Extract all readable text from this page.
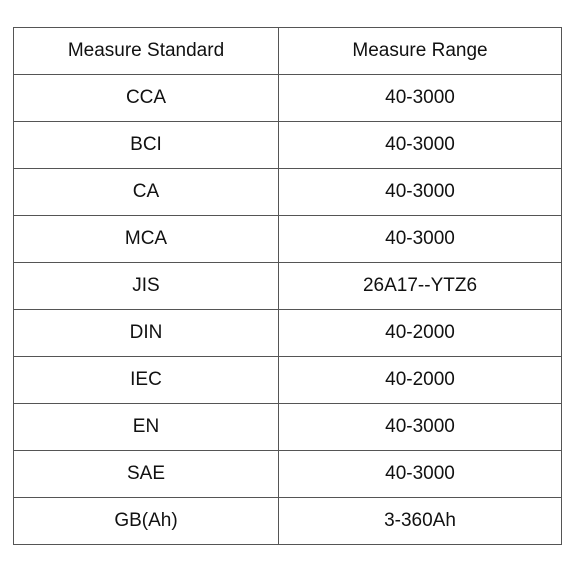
Measure Standard	Measure Range
CCA	40-3000
BCI	40-3000
CA	40-3000
MCA	40-3000
JIS	26A17--YTZ6
DIN	40-2000
IEC	40-2000
EN	40-3000
SAE	40-3000
GB(Ah)	3-360Ah
